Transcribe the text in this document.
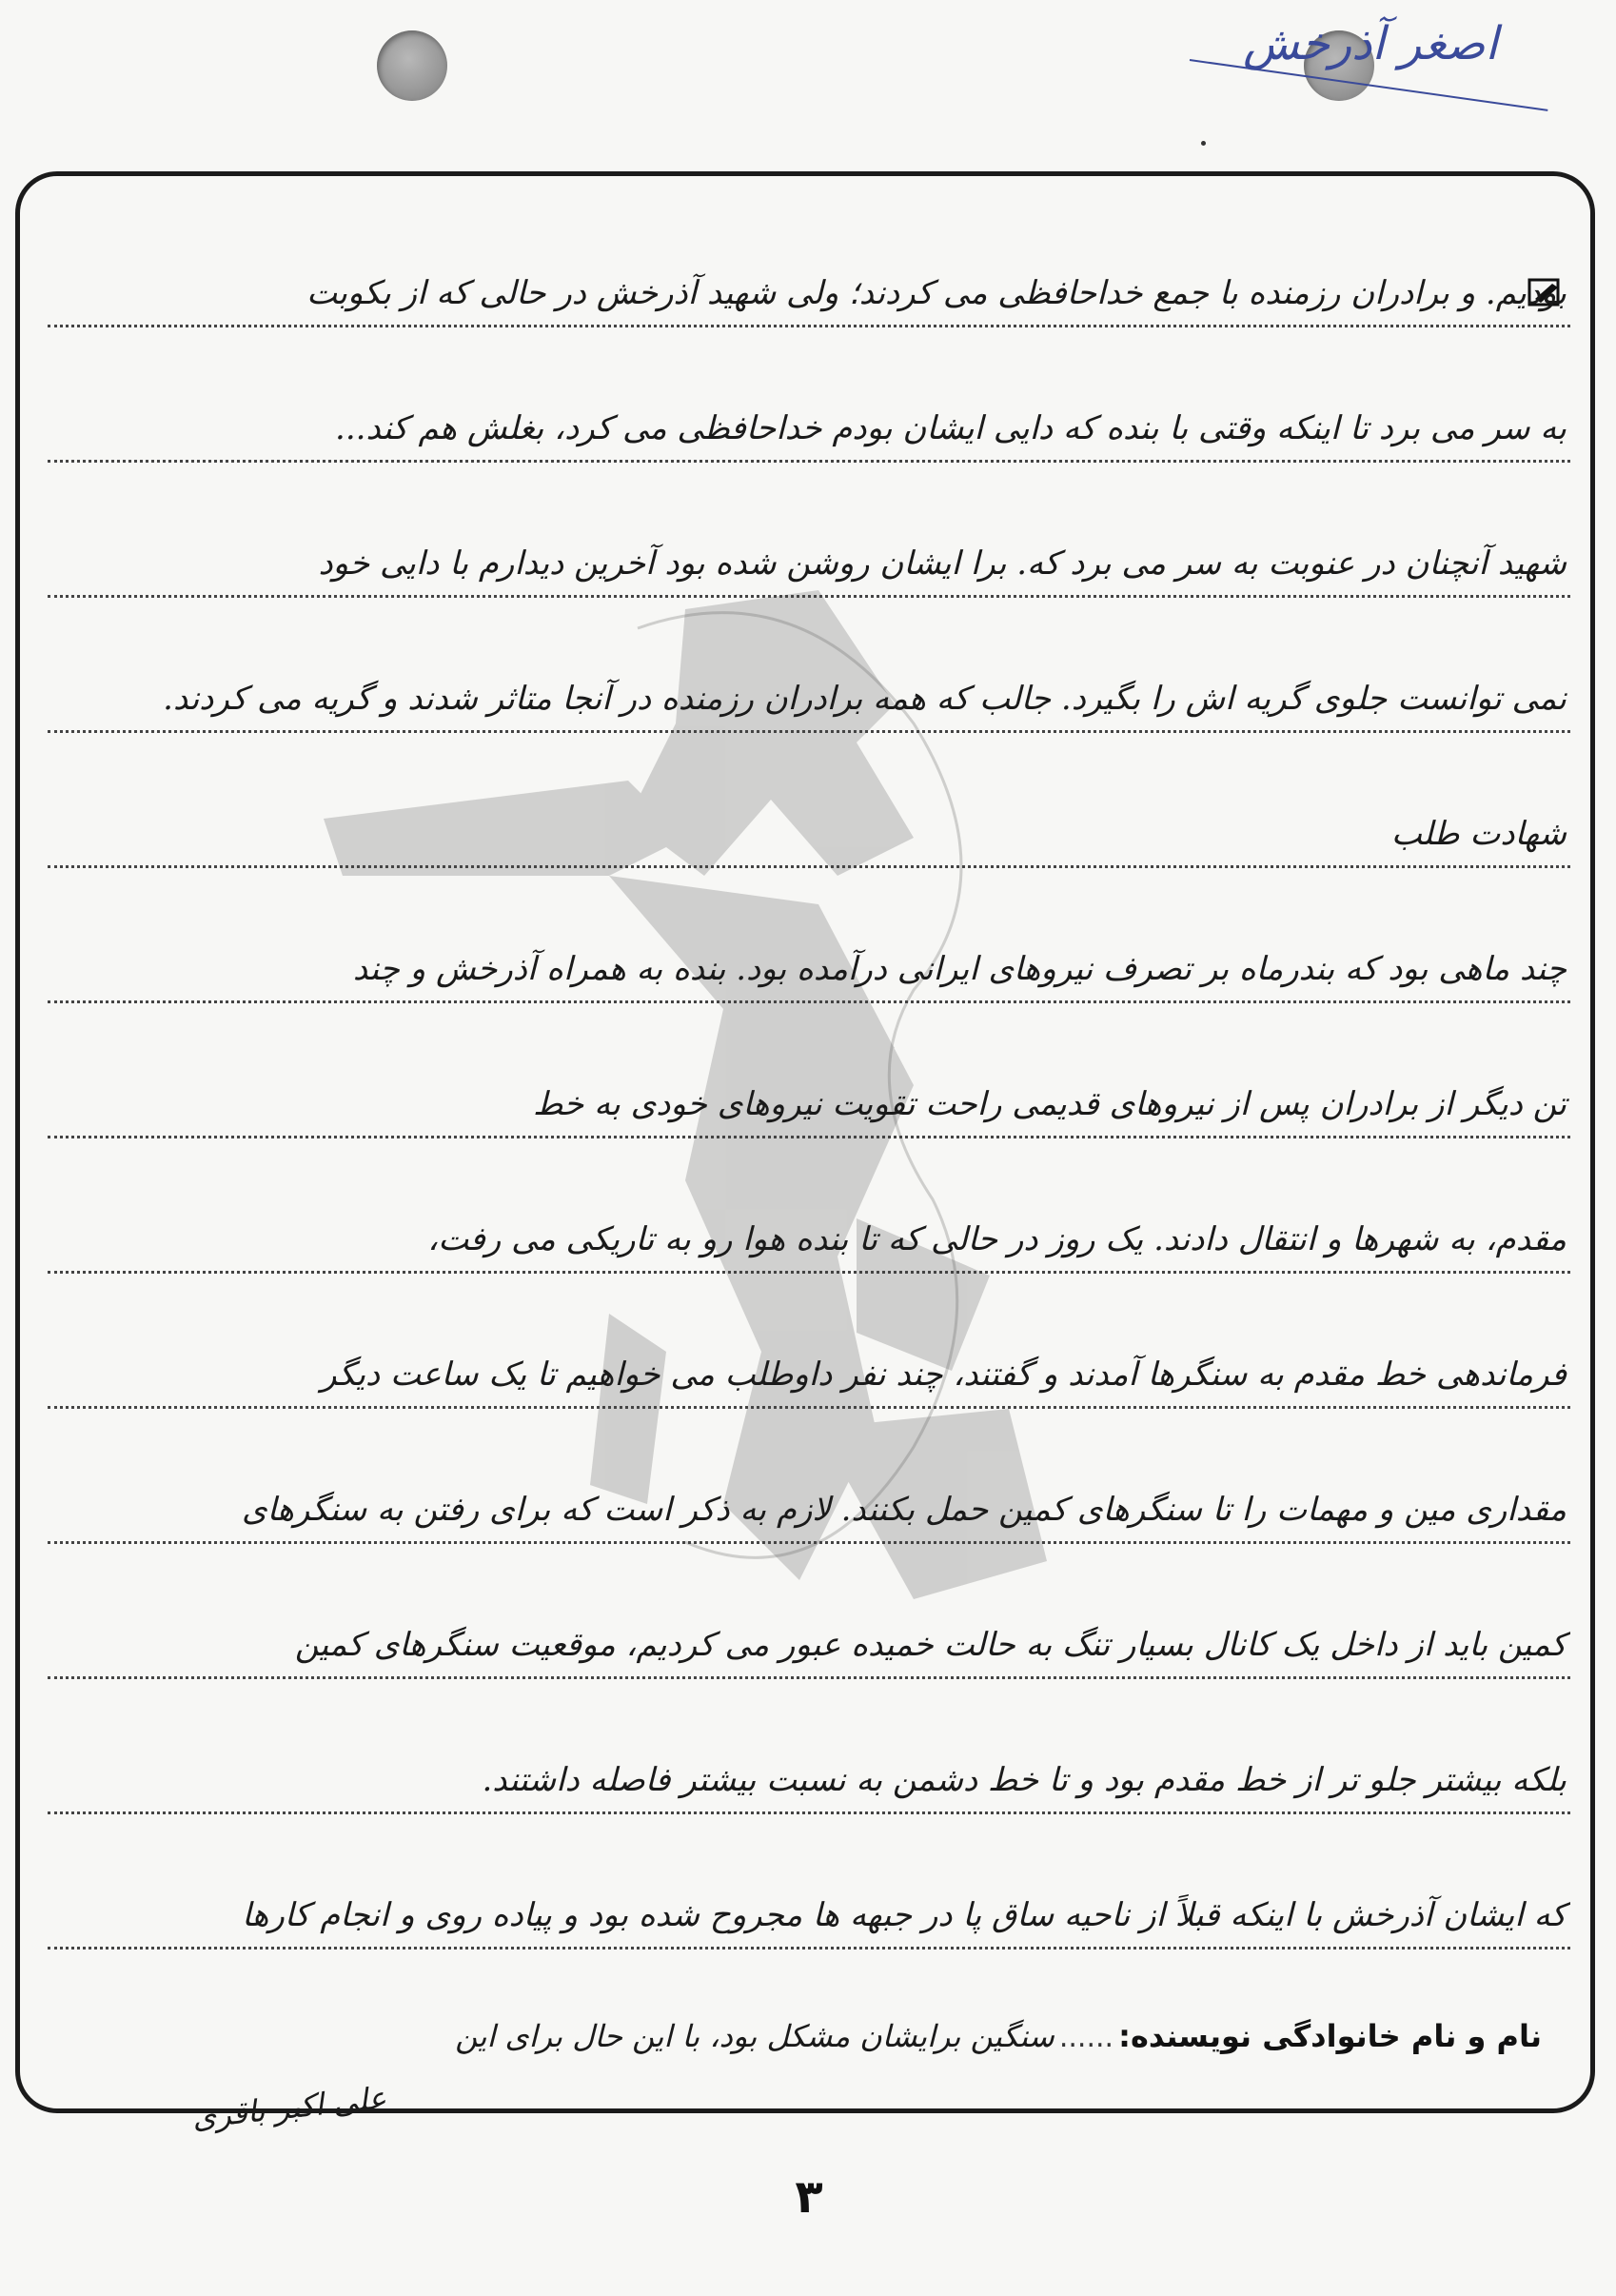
اصغر آذرخش
بودیم. و برادران رزمنده با جمع خداحافظی می کردند؛ ولی شهید آذرخش در حالی که از بکوبت
به سر می برد تا اینکه وقتی با بنده که دایی ایشان بودم خداحافظی می کرد، بغلش هم کند...
شهید آنچنان در عنوبت به سر می برد که. برا ایشان روشن شده بود آخرین دیدارم با دایی خود
نمی توانست جلوی گریه اش را بگیرد. جالب که همه برادران رزمنده در آنجا متاثر شدند و گریه می کردند.
شهادت طلب
چند ماهی بود که بندرماه بر تصرف نیروهای ایرانی درآمده بود. بنده به همراه آذرخش و چند
تن دیگر از برادران پس از نیروهای قدیمی راحت تقویت نیروهای خودی به خط
مقدم، به شهرها و انتقال دادند. یک روز در حالی که تا بنده هوا رو به تاریکی می رفت،
فرماندهی خط مقدم به سنگرها آمدند و گفتند، چند نفر داوطلب می خواهیم تا یک ساعت دیگر
مقداری مین و مهمات را تا سنگرهای کمین حمل بکنند. لازم به ذکر است که برای رفتن به سنگرهای
کمین باید از داخل یک کانال بسیار تنگ به حالت خمیده عبور می کردیم، موقعیت سنگرهای کمین
بلکه بیشتر جلو تر از خط مقدم بود و تا خط دشمن به نسبت بیشتر فاصله داشتند.
که ایشان آذرخش با اینکه قبلاً از ناحیه ساق پا در جبهه ها مجروح شده بود و پیاده روی و انجام کارها
نام و نام خانوادگی نویسنده: ...... سنگین برایشان مشکل بود، با این حال برای این
علی اکبر باقری
۳
